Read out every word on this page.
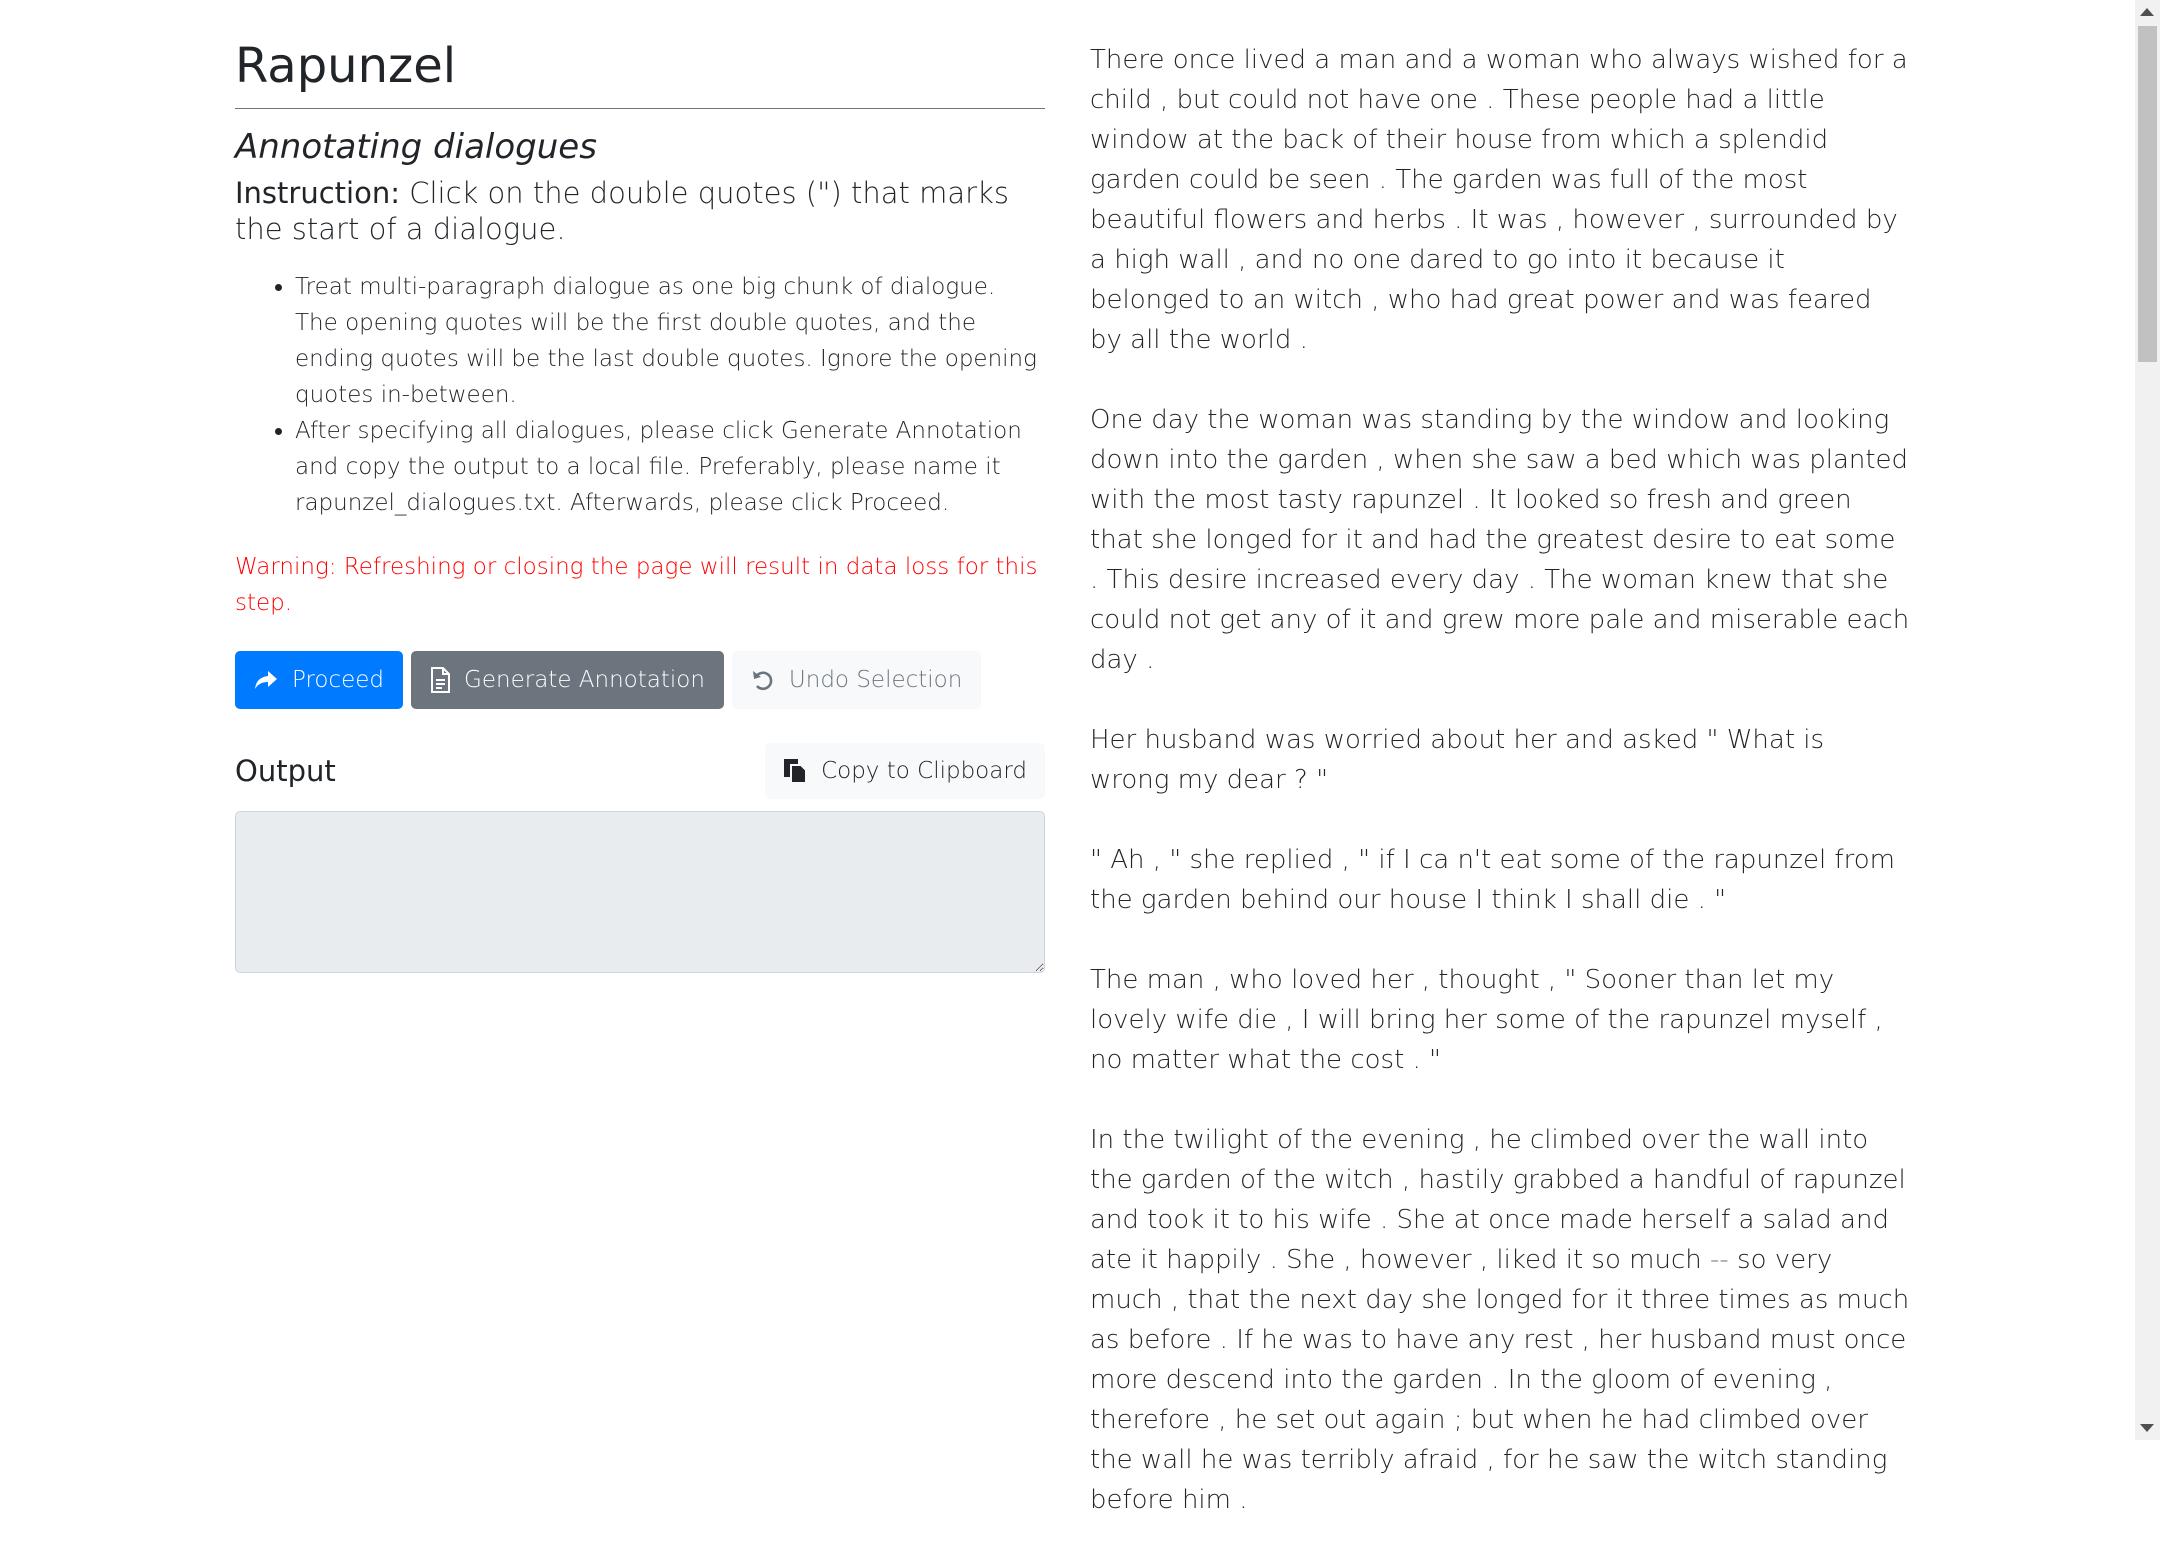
Rapunzel
Annotating dialogues

Instruction: Click on the double quotes (") that marks the start of a dialogue.

• Treat multi-paragraph dialogue as one big chunk of dialogue. The opening quotes will be the first double quotes, and the ending quotes will be the last double quotes. Ignore the opening quotes in-between.
• After specifying all dialogues, please click Generate Annotation and copy the output to a local file. Preferably, please name it rapunzel_dialogues.txt. Afterwards, please click Proceed.
Warning: Refreshing or closing the page will result in data loss for this step.
Proceed	Generate Annotation	Undo Selection
Output	Copy to Clipboard

There once lived a man and a woman who always wished for a child , but could not have one . These people had a little window at the back of their house from which a splendid garden could be seen . The garden was full of the most beautiful flowers and herbs . It was , however , surrounded by a high wall , and no one dared to go into it because it belonged to an witch , who had great power and was feared by all the world .

One day the woman was standing by the window and looking down into the garden , when she saw a bed which was planted with the most tasty rapunzel . It looked so fresh and green that she longed for it and had the greatest desire to eat some . This desire increased every day . The woman knew that she could not get any of it and grew more pale and miserable each day .

Her husband was worried about her and asked " What is wrong my dear ? "

" Ah , " she replied , " if I ca n't eat some of the rapunzel from the garden behind our house I think I shall die . "

The man , who loved her , thought , " Sooner than let my lovely wife die , I will bring her some of the rapunzel myself , no matter what the cost . "

In the twilight of the evening , he climbed over the wall into the garden of the witch , hastily grabbed a handful of rapunzel and took it to his wife . She at once made herself a salad and ate it happily . She , however , liked it so much -- so very much , that the next day she longed for it three times as much as before . If he was to have any rest , her husband must once more descend into the garden . In the gloom of evening , therefore , he set out again ; but when he had climbed over the wall he was terribly afraid , for he saw the witch standing before him .
